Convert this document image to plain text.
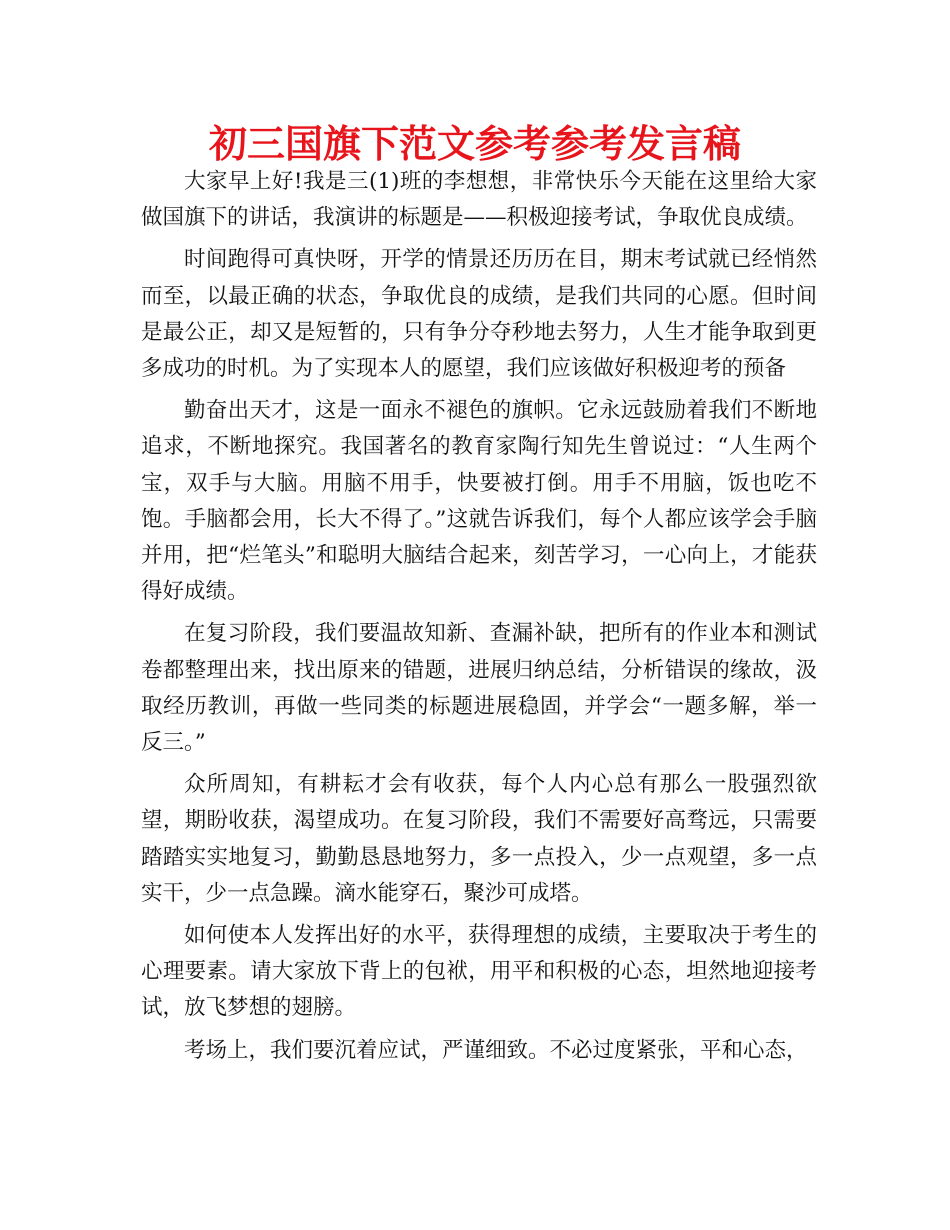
初三国旗下范文参考参考发言稿

大家早上好!我是三(1)班的李想想，非常快乐今天能在这里给大家做国旗下的讲话，我演讲的标题是——积极迎接考试，争取优良成绩。

时间跑得可真快呀，开学的情景还历历在目，期末考试就已经悄然而至，以最正确的状态，争取优良的成绩，是我们共同的心愿。但时间是最公正，却又是短暂的，只有争分夺秒地去努力，人生才能争取到更多成功的时机。为了实现本人的愿望，我们应该做好积极迎考的预备

勤奋出天才，这是一面永不褪色的旗帜。它永远鼓励着我们不断地追求，不断地探究。我国著名的教育家陶行知先生曾说过：“人生两个宝，双手与大脑。用脑不用手，快要被打倒。用手不用脑，饭也吃不饱。手脑都会用，长大不得了。”这就告诉我们，每个人都应该学会手脑并用，把“烂笔头”和聪明大脑结合起来，刻苦学习，一心向上，才能获得好成绩。

在复习阶段，我们要温故知新、查漏补缺，把所有的作业本和测试卷都整理出来，找出原来的错题，进展归纳总结，分析错误的缘故，汲取经历教训，再做一些同类的标题进展稳固，并学会“一题多解，举一反三。”

众所周知，有耕耘才会有收获，每个人内心总有那么一股强烈欲望，期盼收获，渴望成功。在复习阶段，我们不需要好高骛远，只需要踏踏实实地复习，勤勤恳恳地努力，多一点投入，少一点观望，多一点实干，少一点急躁。滴水能穿石，聚沙可成塔。

如何使本人发挥出好的水平，获得理想的成绩，主要取决于考生的心理要素。请大家放下背上的包袱，用平和积极的心态，坦然地迎接考试，放飞梦想的翅膀。

考场上，我们要沉着应试，严谨细致。不必过度紧张，平和心态，
